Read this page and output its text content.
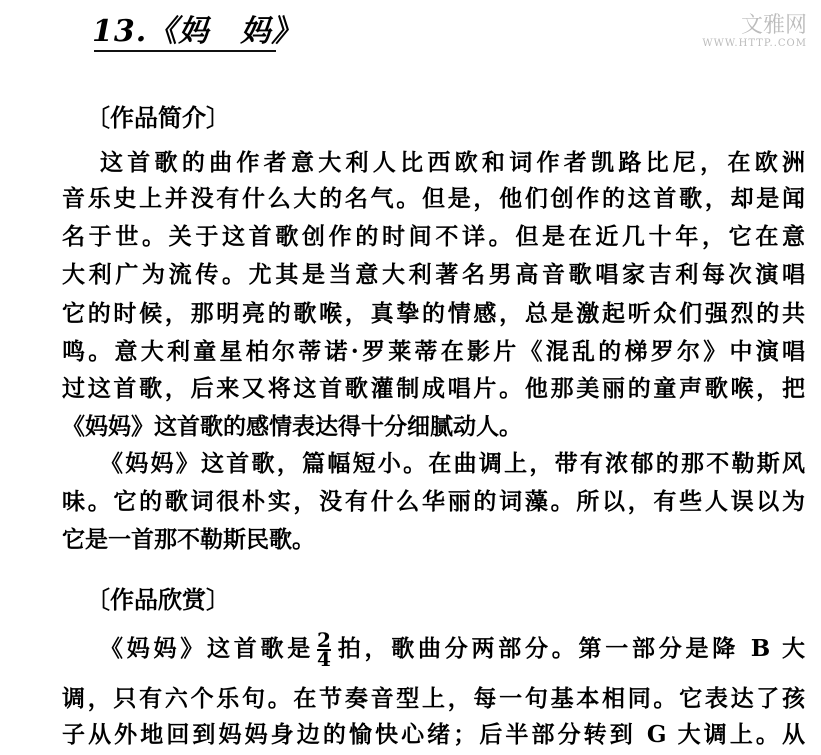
13.《妈　妈》
〔作品简介〕
这首歌的曲作者意大利人比西欧和词作者凯路比尼，在欧洲
音乐史上并没有什么大的名气。但是，他们创作的这首歌，却是闻
名于世。关于这首歌创作的时间不详。但是在近几十年，它在意
大利广为流传。尤其是当意大利著名男高音歌唱家吉利每次演唱
它的时候，那明亮的歌喉，真挚的情感，总是激起听众们强烈的共
鸣。意大利童星柏尔蒂诺·罗莱蒂在影片《混乱的梯罗尔》中演唱
过这首歌，后来又将这首歌灌制成唱片。他那美丽的童声歌喉，把
《妈妈》这首歌的感情表达得十分细腻动人。
《妈妈》这首歌，篇幅短小。在曲调上，带有浓郁的那不勒斯风
味。它的歌词很朴实，没有什么华丽的词藻。所以，有些人误以为
它是一首那不勒斯民歌。
〔作品欣赏〕
《妈妈》这首歌是 $\frac{2}{4}$ 拍，歌曲分两部分。第一部分是降 B 大
调，只有六个乐句。在节奏音型上，每一句基本相同。它表达了孩
子从外地回到妈妈身边的愉快心绪；后半部分转到 G 大调上。从
文雅网
WWW.HTTP..COM
